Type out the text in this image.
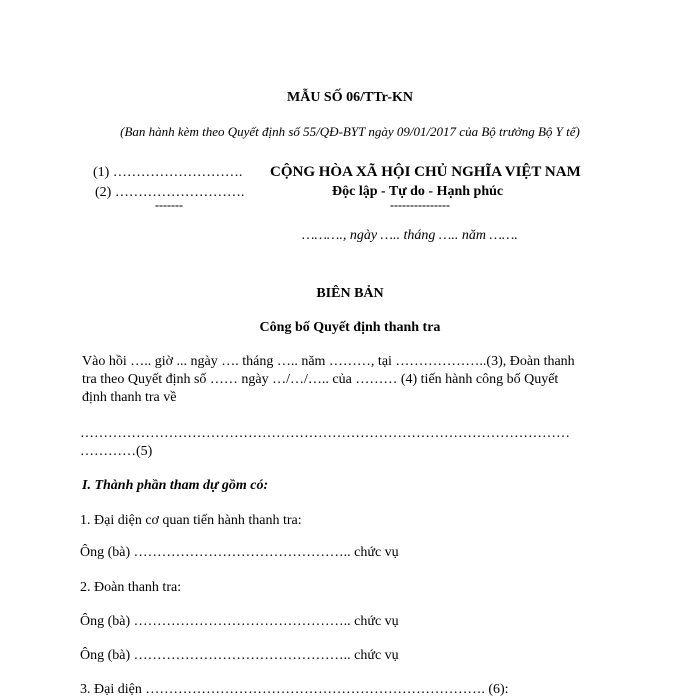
MẪU SỐ 06/TTr-KN
(Ban hành kèm theo Quyết định số 55/QĐ-BYT ngày 09/01/2017 của Bộ trưởng Bộ Y tế)
(1) ……………………….
(2) ……………………….
-------
CỘNG HÒA XÃ HỘI CHỦ NGHĨA VIỆT NAM
Độc lập - Tự do - Hạnh phúc
---------------
………., ngày ….. tháng ….. năm …….
BIÊN BẢN
Công bố Quyết định thanh tra
Vào hồi ….. giờ ... ngày …. tháng ….. năm ………, tại ………………..(3), Đoàn thanh
tra theo Quyết định số …… ngày …/…/….. của ……… (4) tiến hành công bố Quyết
định thanh tra về
……………………………………………………………………………………………
…………(5)
I. Thành phần tham dự gồm có:
1. Đại diện cơ quan tiến hành thanh tra:
Ông (bà) ……………………………………….. chức vụ
2. Đoàn thanh tra:
Ông (bà) ……………………………………….. chức vụ
Ông (bà) ……………………………………….. chức vụ
3. Đại diện ………………………………………………………………. (6):
